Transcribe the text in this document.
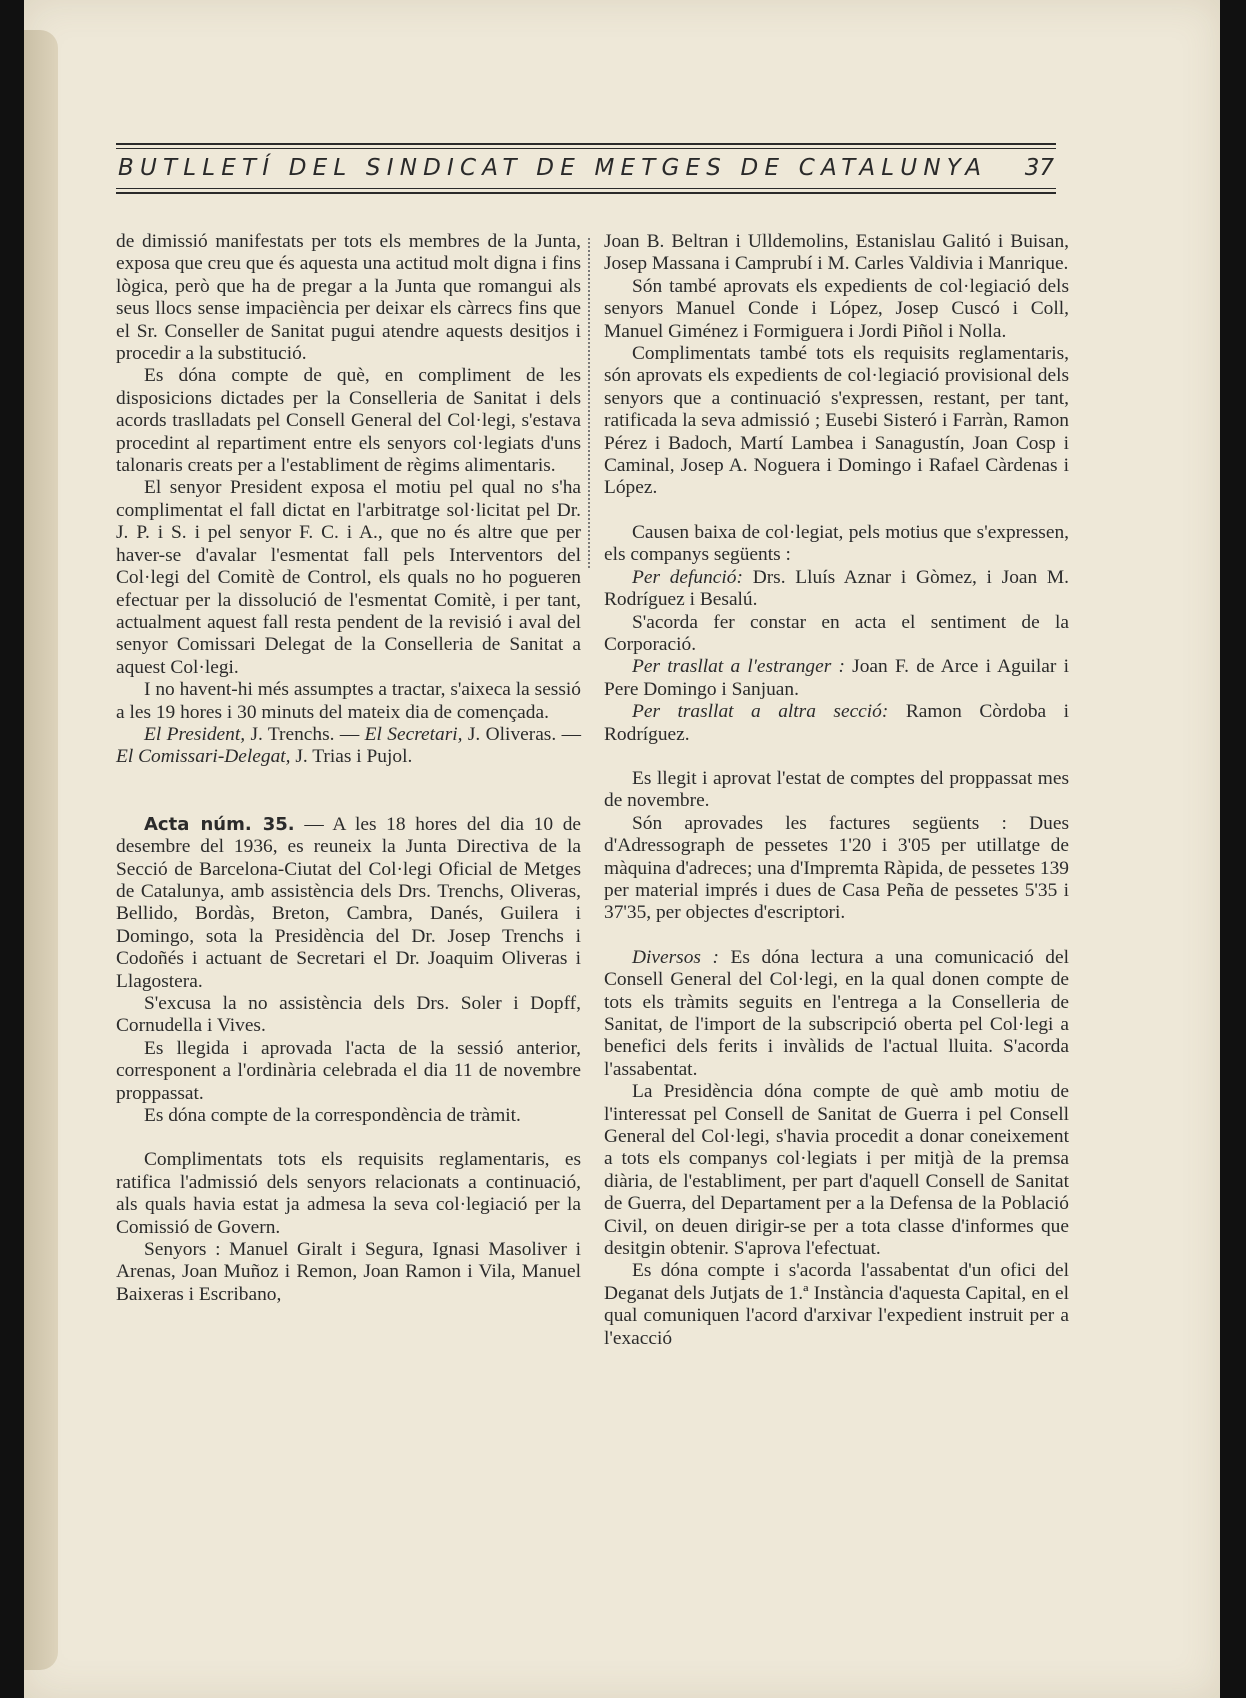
BUTLLETÍ DEL SINDICAT DE METGES DE CATALUNYA 37

de dimissió manifestats per tots els membres de la Junta, exposa que creu que és aquesta una actitud molt digna i fins lògica, però que ha de pregar a la Junta que romangui als seus llocs sense impaciència per deixar els càrrecs fins que el Sr. Conseller de Sanitat pugui atendre aquests desitjos i procedir a la substitució.

Es dóna compte de què, en compliment de les disposicions dictades per la Conselleria de Sanitat i dels acords traslladats pel Consell General del Col·legi, s'estava procedint al repartiment entre els senyors col·legiats d'uns talonaris creats per a l'establiment de règims alimentaris.

El senyor President exposa el motiu pel qual no s'ha complimentat el fall dictat en l'arbitratge sol·licitat pel Dr. J. P. i S. i pel senyor F. C. i A., que no és altre que per haver-se d'avalar l'esmentat fall pels Interventors del Col·legi del Comitè de Control, els quals no ho pogueren efectuar per la dissolució de l'esmentat Comitè, i per tant, actualment aquest fall resta pendent de la revisió i aval del senyor Comissari Delegat de la Conselleria de Sanitat a aquest Col·legi.

I no havent-hi més assumptes a tractar, s'aixeca la sessió a les 19 hores i 30 minuts del mateix dia de començada.

El President, J. Trenchs. — El Secretari, J. Oliveras. — El Comissari-Delegat, J. Trias i Pujol.

Acta núm. 35. — A les 18 hores del dia 10 de desembre del 1936, es reuneix la Junta Directiva de la Secció de Barcelona-Ciutat del Col·legi Oficial de Metges de Catalunya, amb assistència dels Drs. Trenchs, Oliveras, Bellido, Bordàs, Breton, Cambra, Danés, Guilera i Domingo, sota la Presidència del Dr. Josep Trenchs i Codoñés i actuant de Secretari el Dr. Joaquim Oliveras i Llagostera.

S'excusa la no assistència dels Drs. Soler i Dopff, Cornudella i Vives.

Es llegida i aprovada l'acta de la sessió anterior, corresponent a l'ordinària celebrada el dia 11 de novembre proppassat.

Es dóna compte de la correspondència de tràmit.

Complimentats tots els requisits reglamentaris, es ratifica l'admissió dels senyors relacionats a continuació, als quals havia estat ja admesa la seva col·legiació per la Comissió de Govern.

Senyors : Manuel Giralt i Segura, Ignasi Masoliver i Arenas, Joan Muñoz i Remon, Joan Ramon i Vila, Manuel Baixeras i Escribano,

Joan B. Beltran i Ulldemolins, Estanislau Galitó i Buisan, Josep Massana i Camprubí i M. Carles Valdivia i Manrique.

Són també aprovats els expedients de col·legiació dels senyors Manuel Conde i López, Josep Cuscó i Coll, Manuel Giménez i Formiguera i Jordi Piñol i Nolla.

Complimentats també tots els requisits reglamentaris, són aprovats els expedients de col·legiació provisional dels senyors que a continuació s'expressen, restant, per tant, ratificada la seva admissió ; Eusebi Sisteró i Farràn, Ramon Pérez i Badoch, Martí Lambea i Sanagustín, Joan Cosp i Caminal, Josep A. Noguera i Domingo i Rafael Càrdenas i López.

Causen baixa de col·legiat, pels motius que s'expressen, els companys següents :

Per defunció: Drs. Lluís Aznar i Gòmez, i Joan M. Rodríguez i Besalú.

S'acorda fer constar en acta el sentiment de la Corporació.

Per trasllat a l'estranger : Joan F. de Arce i Aguilar i Pere Domingo i Sanjuan.

Per trasllat a altra secció: Ramon Còrdoba i Rodríguez.

Es llegit i aprovat l'estat de comptes del proppassat mes de novembre.

Són aprovades les factures següents : Dues d'Adressograph de pessetes 1'20 i 3'05 per utillatge de màquina d'adreces; una d'Impremta Ràpida, de pessetes 139 per material imprés i dues de Casa Peña de pessetes 5'35 i 37'35, per objectes d'escriptori.

Diversos : Es dóna lectura a una comunicació del Consell General del Col·legi, en la qual donen compte de tots els tràmits seguits en l'entrega a la Conselleria de Sanitat, de l'import de la subscripció oberta pel Col·legi a benefici dels ferits i invàlids de l'actual lluita. S'acorda l'assabentat.

La Presidència dóna compte de què amb motiu de l'interessat pel Consell de Sanitat de Guerra i pel Consell General del Col·legi, s'havia procedit a donar coneixement a tots els companys col·legiats i per mitjà de la premsa diària, de l'establiment, per part d'aquell Consell de Sanitat de Guerra, del Departament per a la Defensa de la Població Civil, on deuen dirigir-se per a tota classe d'informes que desitgin obtenir. S'aprova l'efectuat.

Es dóna compte i s'acorda l'assabentat d'un ofici del Deganat dels Jutjats de 1.ª Instància d'aquesta Capital, en el qual comuniquen l'acord d'arxivar l'expedient instruit per a l'exacció
